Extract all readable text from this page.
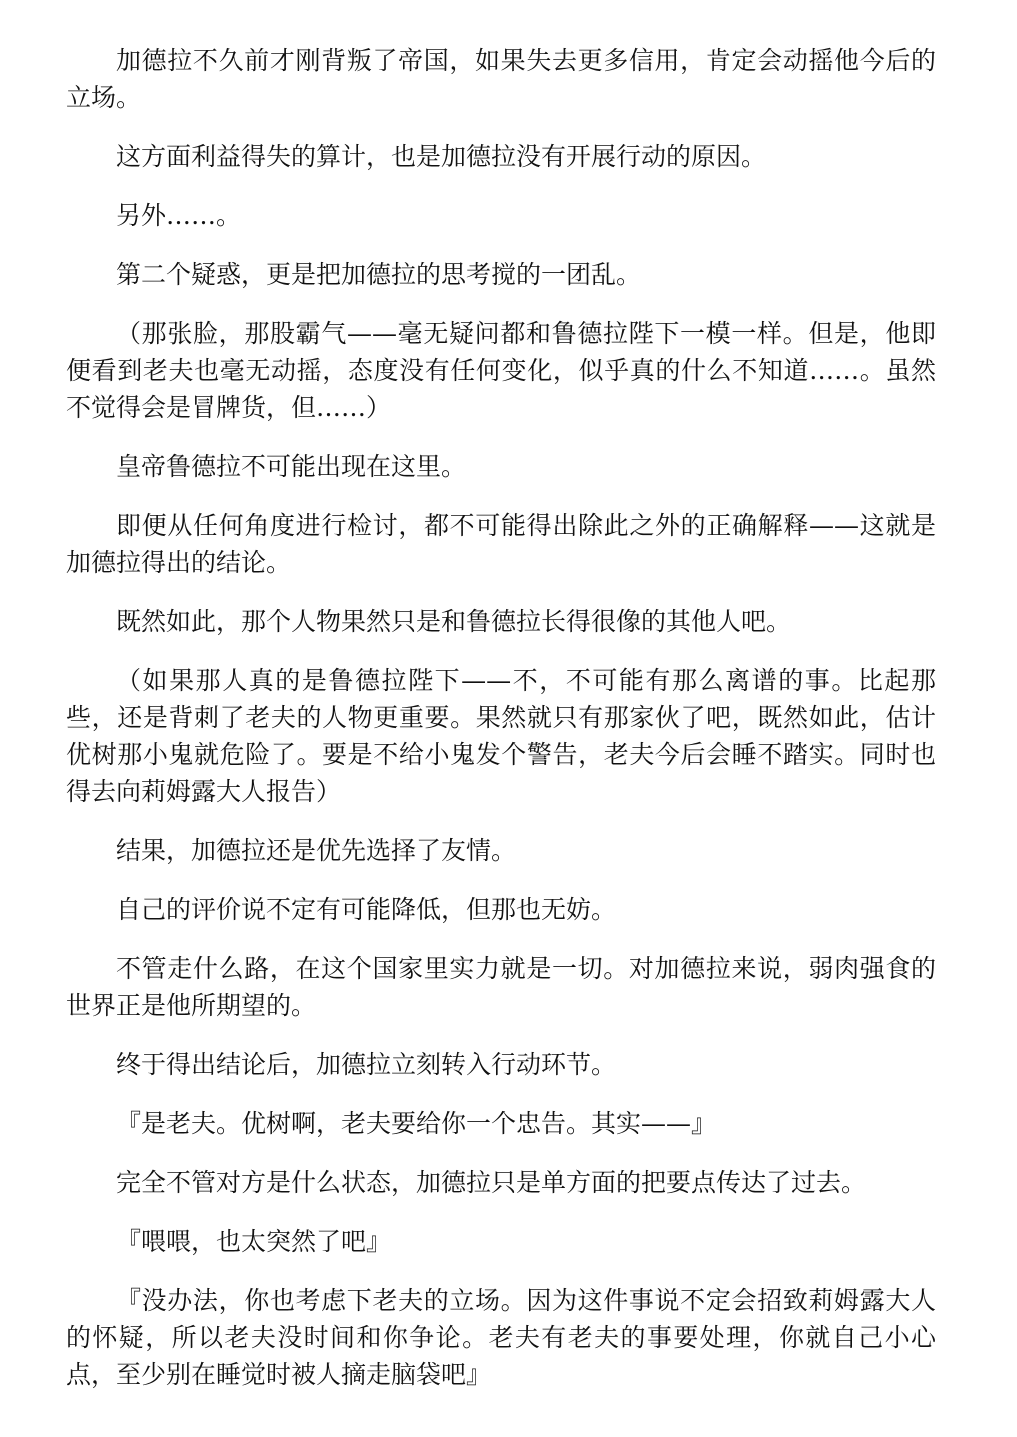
加德拉不久前才刚背叛了帝国，如果失去更多信用，肯定会动摇他今后的立场。

这方面利益得失的算计，也是加德拉没有开展行动的原因。

另外……。

第二个疑惑，更是把加德拉的思考搅的一团乱。

（那张脸，那股霸气——毫无疑问都和鲁德拉陛下一模一样。但是，他即便看到老夫也毫无动摇，态度没有任何变化，似乎真的什么不知道……。虽然不觉得会是冒牌货，但……）

皇帝鲁德拉不可能出现在这里。

即便从任何角度进行检讨，都不可能得出除此之外的正确解释——这就是加德拉得出的结论。

既然如此，那个人物果然只是和鲁德拉长得很像的其他人吧。

（如果那人真的是鲁德拉陛下——不，不可能有那么离谱的事。比起那些，还是背刺了老夫的人物更重要。果然就只有那家伙了吧，既然如此，估计优树那小鬼就危险了。要是不给小鬼发个警告，老夫今后会睡不踏实。同时也得去向莉姆露大人报告）

结果，加德拉还是优先选择了友情。

自己的评价说不定有可能降低，但那也无妨。

不管走什么路，在这个国家里实力就是一切。对加德拉来说，弱肉强食的世界正是他所期望的。

终于得出结论后，加德拉立刻转入行动环节。

『是老夫。优树啊，老夫要给你一个忠告。其实——』

完全不管对方是什么状态，加德拉只是单方面的把要点传达了过去。

『喂喂，也太突然了吧』

『没办法，你也考虑下老夫的立场。因为这件事说不定会招致莉姆露大人的怀疑，所以老夫没时间和你争论。老夫有老夫的事要处理，你就自己小心点，至少别在睡觉时被人摘走脑袋吧』
